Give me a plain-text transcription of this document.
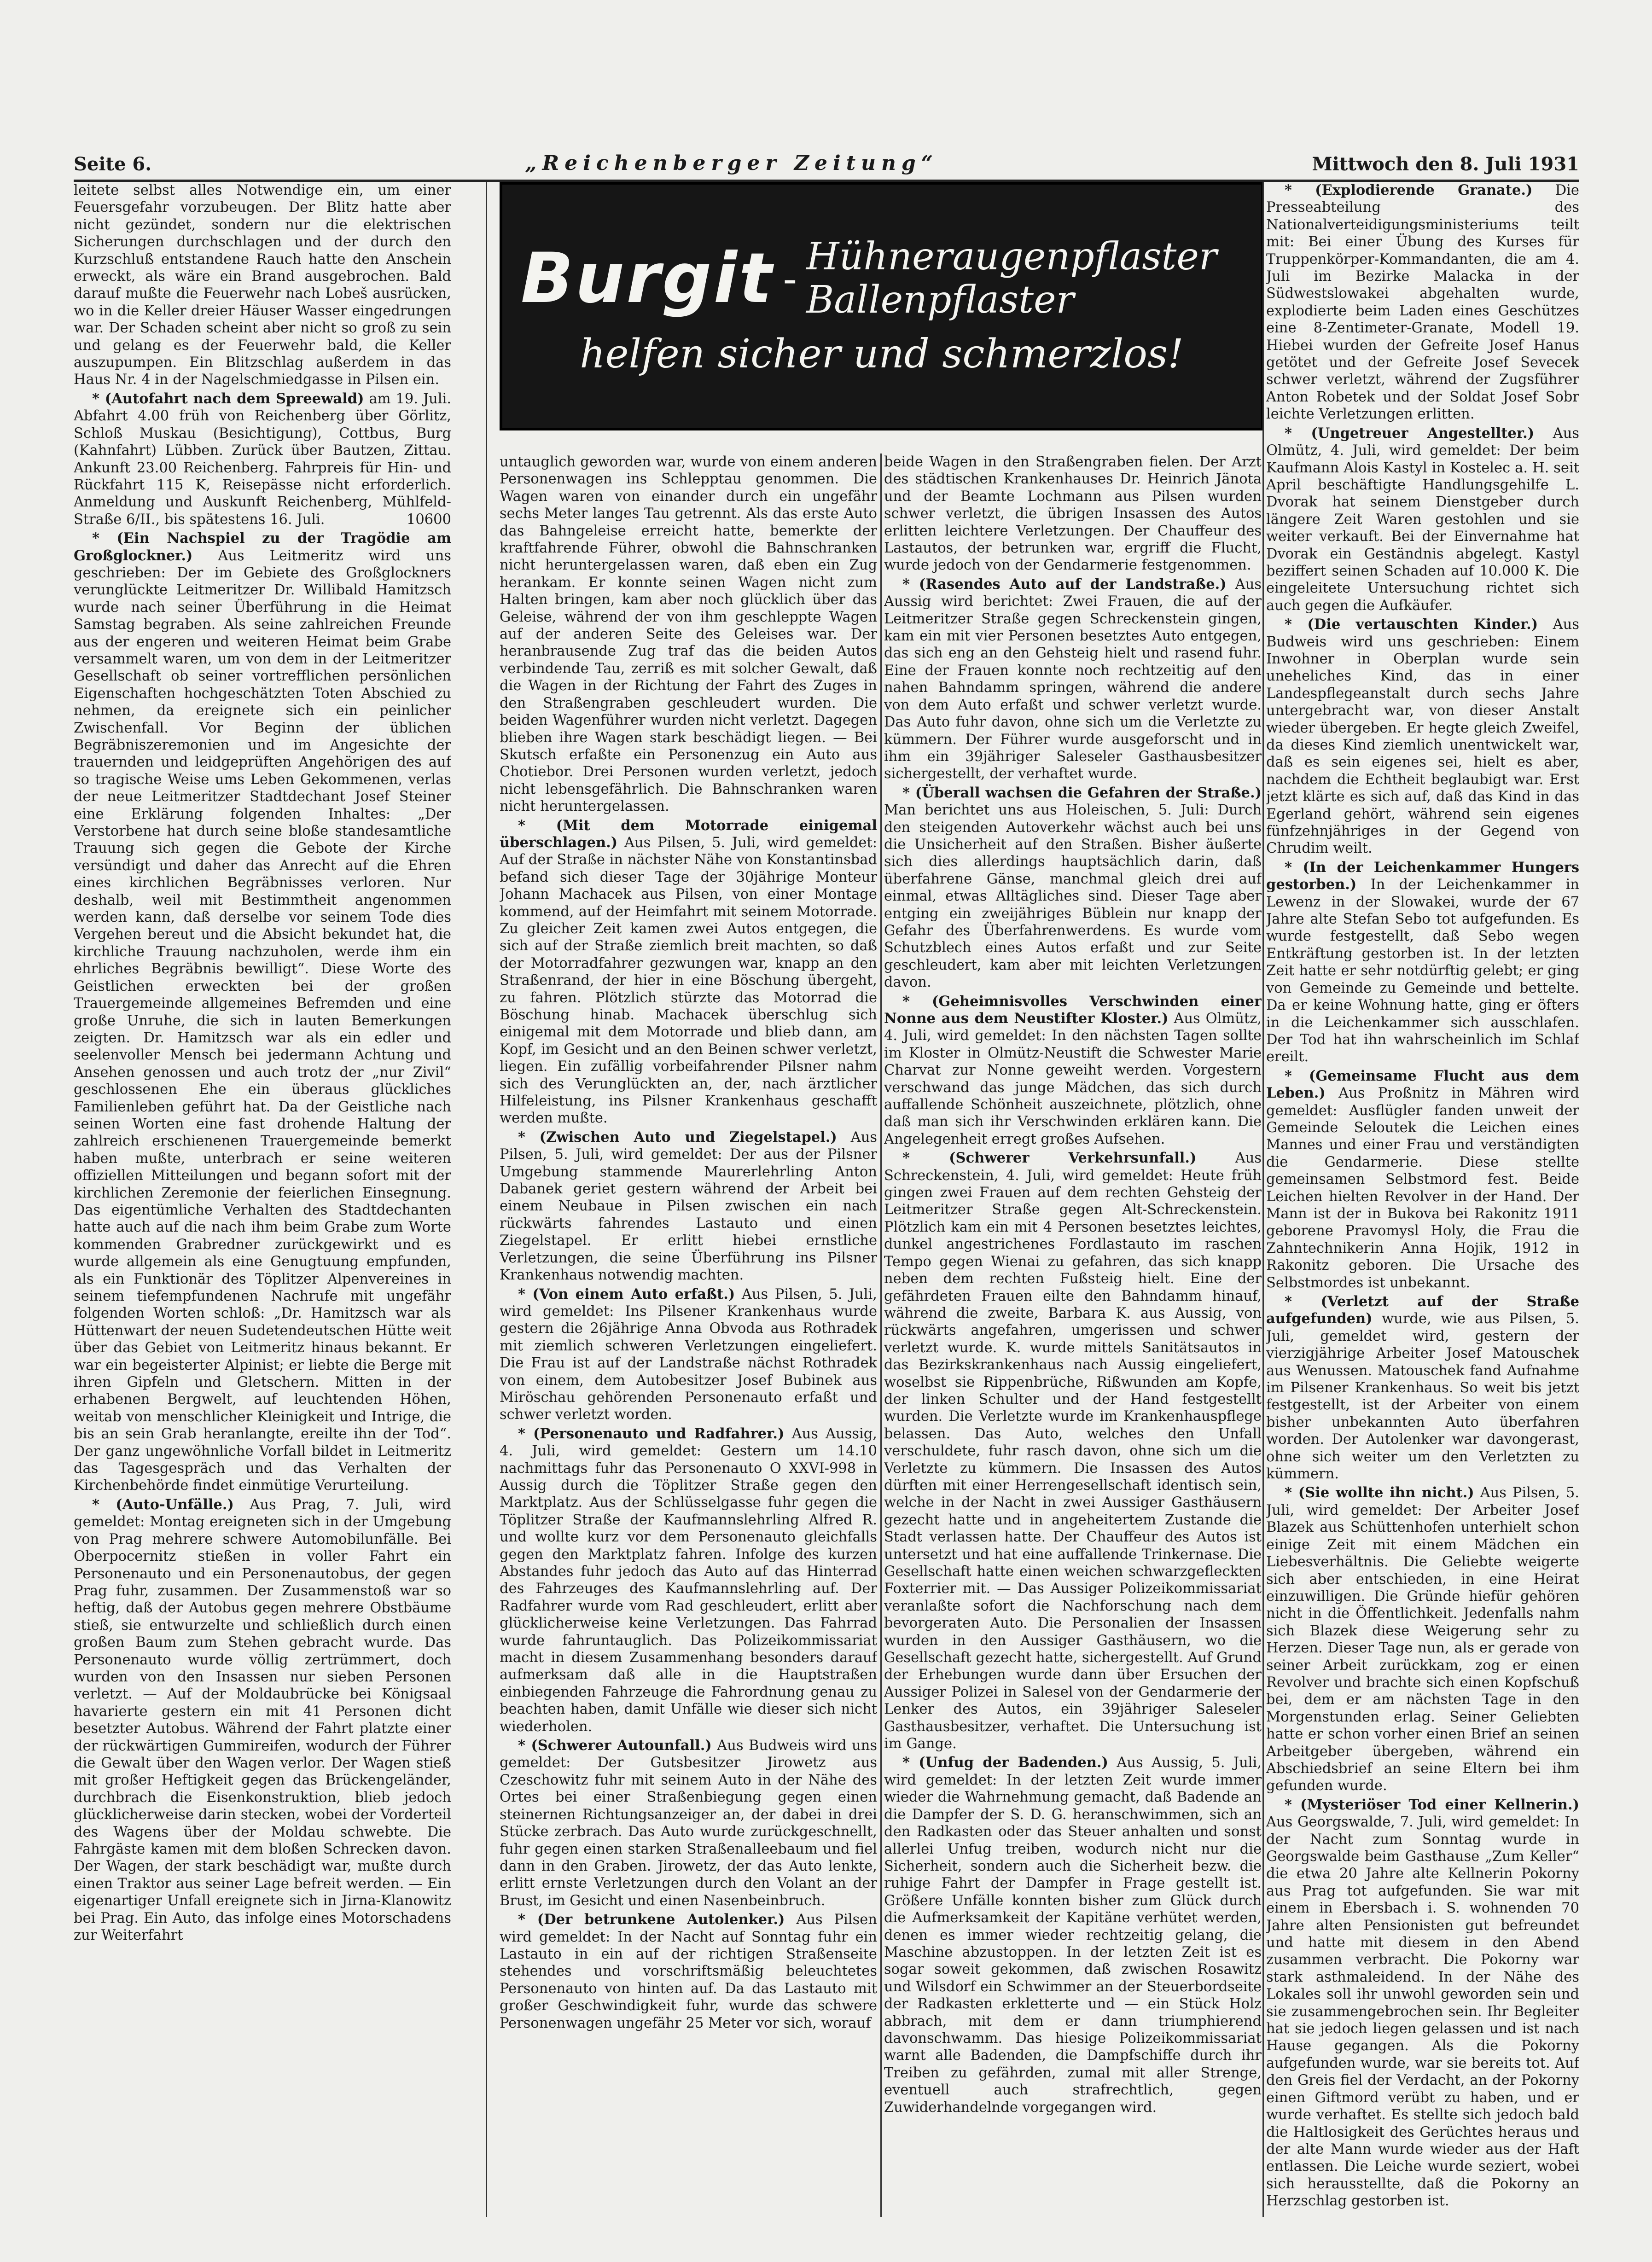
Seite 6.	„Reichenberger Zeitung“	Mittwoch den 8. Juli 1931
Burgit - Hühneraugenpflaster
Ballenpflaster
helfen sicher und schmerzlos!

leitete selbst alles Notwendige ein, um einer Feuersgefahr vorzubeugen. Der Blitz hatte aber nicht gezündet, sondern nur die elektrischen Sicherungen durchschlagen und der durch den Kurzschluß entstandene Rauch hatte den Anschein erweckt, als wäre ein Brand ausgebrochen. Bald darauf mußte die Feuerwehr nach Lobeš ausrücken, wo in die Keller dreier Häuser Wasser eingedrungen war. Der Schaden scheint aber nicht so groß zu sein und gelang es der Feuerwehr bald, die Keller auszupumpen. Ein Blitzschlag außerdem in das Haus Nr. 4 in der Nagelschmiedgasse in Pilsen ein.

* (Autofahrt nach dem Spreewald) am 19. Juli. Abfahrt 4.00 früh von Reichenberg über Görlitz, Schloß Muskau (Besichtigung), Cottbus, Burg (Kahnfahrt) Lübben. Zurück über Bautzen, Zittau. Ankunft 23.00 Reichenberg. Fahrpreis für Hin- und Rückfahrt 115 K, Reisepässe nicht erforderlich. Anmeldung und Auskunft Reichenberg, Mühlfeld-Straße 6/II., bis spätestens 16. Juli.	10600

* (Ein Nachspiel zu der Tragödie am Großglockner.) Aus Leitmeritz wird uns geschrieben: Der im Gebiete des Großglockners verunglückte Leitmeritzer Dr. Willibald Hamitzsch wurde nach seiner Überführung in die Heimat Samstag begraben. Als seine zahlreichen Freunde aus der engeren und weiteren Heimat beim Grabe versammelt waren, um von dem in der Leitmeritzer Gesellschaft ob seiner vortrefflichen persönlichen Eigenschaften hochgeschätzten Toten Abschied zu nehmen, da ereignete sich ein peinlicher Zwischenfall. Vor Beginn der üblichen Begräbniszeremonien und im Angesichte der trauernden und leidgeprüften Angehörigen des auf so tragische Weise ums Leben Gekommenen, verlas der neue Leitmeritzer Stadtdechant Josef Steiner eine Erklärung folgenden Inhaltes: „Der Verstorbene hat durch seine bloße standesamtliche Trauung sich gegen die Gebote der Kirche versündigt und daher das Anrecht auf die Ehren eines kirchlichen Begräbnisses verloren. Nur deshalb, weil mit Bestimmtheit angenommen werden kann, daß derselbe vor seinem Tode dies Vergehen bereut und die Absicht bekundet hat, die kirchliche Trauung nachzuholen, werde ihm ein ehrliches Begräbnis bewilligt“. Diese Worte des Geistlichen erweckten bei der großen Trauergemeinde allgemeines Befremden und eine große Unruhe, die sich in lauten Bemerkungen zeigten. Dr. Hamitzsch war als ein edler und seelenvoller Mensch bei jedermann Achtung und Ansehen genossen und auch trotz der „nur Zivil“ geschlossenen Ehe ein überaus glückliches Familienleben geführt hat. Da der Geistliche nach seinen Worten eine fast drohende Haltung der zahlreich erschienenen Trauergemeinde bemerkt haben mußte, unterbrach er seine weiteren offiziellen Mitteilungen und begann sofort mit der kirchlichen Zeremonie der feierlichen Einsegnung. Das eigentümliche Verhalten des Stadtdechanten hatte auch auf die nach ihm beim Grabe zum Worte kommenden Grabredner zurückgewirkt und es wurde allgemein als eine Genugtuung empfunden, als ein Funktionär des Töplitzer Alpenvereines in seinem tiefempfundenen Nachrufe mit ungefähr folgenden Worten schloß: „Dr. Hamitzsch war als Hüttenwart der neuen Sudetendeutschen Hütte weit über das Gebiet von Leitmeritz hinaus bekannt. Er war ein begeisterter Alpinist; er liebte die Berge mit ihren Gipfeln und Gletschern. Mitten in der erhabenen Bergwelt, auf leuchtenden Höhen, weitab von menschlicher Kleinigkeit und Intrige, die bis an sein Grab heranlangte, ereilte ihn der Tod“. Der ganz ungewöhnliche Vorfall bildet in Leitmeritz das Tagesgespräch und das Verhalten der Kirchenbehörde findet einmütige Verurteilung.

* (Auto-Unfälle.) Aus Prag, 7. Juli, wird gemeldet: Montag ereigneten sich in der Umgebung von Prag mehrere schwere Automobilunfälle. Bei Oberpocernitz stießen in voller Fahrt ein Personenauto und ein Personenautobus, der gegen Prag fuhr, zusammen. Der Zusammenstoß war so heftig, daß der Autobus gegen mehrere Obstbäume stieß, sie entwurzelte und schließlich durch einen großen Baum zum Stehen gebracht wurde. Das Personenauto wurde völlig zertrümmert, doch wurden von den Insassen nur sieben Personen verletzt. — Auf der Moldaubrücke bei Königsaal havarierte gestern ein mit 41 Personen dicht besetzter Autobus. Während der Fahrt platzte einer der rückwärtigen Gummireifen, wodurch der Führer die Gewalt über den Wagen verlor. Der Wagen stieß mit großer Heftigkeit gegen das Brückengeländer, durchbrach die Eisenkonstruktion, blieb jedoch glücklicherweise darin stecken, wobei der Vorderteil des Wagens über der Moldau schwebte. Die Fahrgäste kamen mit dem bloßen Schrecken davon. Der Wagen, der stark beschädigt war, mußte durch einen Traktor aus seiner Lage befreit werden. — Ein eigenartiger Unfall ereignete sich in Jirna-Klanowitz bei Prag. Ein Auto, das infolge eines Motorschadens zur Weiterfahrt

untauglich geworden war, wurde von einem anderen Personenwagen ins Schlepptau genommen. Die Wagen waren von einander durch ein ungefähr sechs Meter langes Tau getrennt. Als das erste Auto das Bahngeleise erreicht hatte, bemerkte der kraftfahrende Führer, obwohl die Bahnschranken nicht heruntergelassen waren, daß eben ein Zug herankam. Er konnte seinen Wagen nicht zum Halten bringen, kam aber noch glücklich über das Geleise, während der von ihm geschleppte Wagen auf der anderen Seite des Geleises war. Der heranbrausende Zug traf das die beiden Autos verbindende Tau, zerriß es mit solcher Gewalt, daß die Wagen in der Richtung der Fahrt des Zuges in den Straßengraben geschleudert wurden. Die beiden Wagenführer wurden nicht verletzt. Dagegen blieben ihre Wagen stark beschädigt liegen. — Bei Skutsch erfaßte ein Personenzug ein Auto aus Chotiebor. Drei Personen wurden verletzt, jedoch nicht lebensgefährlich. Die Bahnschranken waren nicht heruntergelassen.

* (Mit dem Motorrade einigemal überschlagen.) Aus Pilsen, 5. Juli, wird gemeldet: Auf der Straße in nächster Nähe von Konstantinsbad befand sich dieser Tage der 30jährige Monteur Johann Machacek aus Pilsen, von einer Montage kommend, auf der Heimfahrt mit seinem Motorrade. Zu gleicher Zeit kamen zwei Autos entgegen, die sich auf der Straße ziemlich breit machten, so daß der Motorradfahrer gezwungen war, knapp an den Straßenrand, der hier in eine Böschung übergeht, zu fahren. Plötzlich stürzte das Motorrad die Böschung hinab. Machacek überschlug sich einigemal mit dem Motorrade und blieb dann, am Kopf, im Gesicht und an den Beinen schwer verletzt, liegen. Ein zufällig vorbeifahrender Pilsner nahm sich des Verunglückten an, der, nach ärztlicher Hilfeleistung, ins Pilsner Krankenhaus geschafft werden mußte.

* (Zwischen Auto und Ziegelstapel.) Aus Pilsen, 5. Juli, wird gemeldet: Der aus der Pilsner Umgebung stammende Maurerlehrling Anton Dabanek geriet gestern während der Arbeit bei einem Neubaue in Pilsen zwischen ein nach rückwärts fahrendes Lastauto und einen Ziegelstapel. Er erlitt hiebei ernstliche Verletzungen, die seine Überführung ins Pilsner Krankenhaus notwendig machten.

* (Von einem Auto erfaßt.) Aus Pilsen, 5. Juli, wird gemeldet: Ins Pilsener Krankenhaus wurde gestern die 26jährige Anna Obvoda aus Rothradek mit ziemlich schweren Verletzungen eingeliefert. Die Frau ist auf der Landstraße nächst Rothradek von einem, dem Autobesitzer Josef Bubinek aus Miröschau gehörenden Personenauto erfaßt und schwer verletzt worden.

* (Personenauto und Radfahrer.) Aus Aussig, 4. Juli, wird gemeldet: Gestern um 14.10 nachmittags fuhr das Personenauto O XXVI-998 in Aussig durch die Töplitzer Straße gegen den Marktplatz. Aus der Schlüsselgasse fuhr gegen die Töplitzer Straße der Kaufmannslehrling Alfred R. und wollte kurz vor dem Personenauto gleichfalls gegen den Marktplatz fahren. Infolge des kurzen Abstandes fuhr jedoch das Auto auf das Hinterrad des Fahrzeuges des Kaufmannslehrling auf. Der Radfahrer wurde vom Rad geschleudert, erlitt aber glücklicherweise keine Verletzungen. Das Fahrrad wurde fahruntauglich. Das Polizeikommissariat macht in diesem Zusammenhang besonders darauf aufmerksam daß alle in die Hauptstraßen einbiegenden Fahrzeuge die Fahrordnung genau zu beachten haben, damit Unfälle wie dieser sich nicht wiederholen.

* (Schwerer Autounfall.) Aus Budweis wird uns gemeldet: Der Gutsbesitzer Jirowetz aus Czeschowitz fuhr mit seinem Auto in der Nähe des Ortes bei einer Straßenbiegung gegen einen steinernen Richtungsanzeiger an, der dabei in drei Stücke zerbrach. Das Auto wurde zurückgeschnellt, fuhr gegen einen starken Straßenalleebaum und fiel dann in den Graben. Jirowetz, der das Auto lenkte, erlitt ernste Verletzungen durch den Volant an der Brust, im Gesicht und einen Nasenbeinbruch.

* (Der betrunkene Autolenker.) Aus Pilsen wird gemeldet: In der Nacht auf Sonntag fuhr ein Lastauto in ein auf der richtigen Straßenseite stehendes und vorschriftsmäßig beleuchtetes Personenauto von hinten auf. Da das Lastauto mit großer Geschwindigkeit fuhr, wurde das schwere Personenwagen ungefähr 25 Meter vor sich, worauf

beide Wagen in den Straßengraben fielen. Der Arzt des städtischen Krankenhauses Dr. Heinrich Jänota und der Beamte Lochmann aus Pilsen wurden schwer verletzt, die übrigen Insassen des Autos erlitten leichtere Verletzungen. Der Chauffeur des Lastautos, der betrunken war, ergriff die Flucht, wurde jedoch von der Gendarmerie festgenommen.

* (Rasendes Auto auf der Landstraße.) Aus Aussig wird berichtet: Zwei Frauen, die auf der Leitmeritzer Straße gegen Schreckenstein gingen, kam ein mit vier Personen besetztes Auto entgegen, das sich eng an den Gehsteig hielt und rasend fuhr. Eine der Frauen konnte noch rechtzeitig auf den nahen Bahndamm springen, während die andere von dem Auto erfaßt und schwer verletzt wurde. Das Auto fuhr davon, ohne sich um die Verletzte zu kümmern. Der Führer wurde ausgeforscht und in ihm ein 39jähriger Saleseler Gasthausbesitzer sichergestellt, der verhaftet wurde.

* (Überall wachsen die Gefahren der Straße.) Man berichtet uns aus Holeischen, 5. Juli: Durch den steigenden Autoverkehr wächst auch bei uns die Unsicherheit auf den Straßen. Bisher äußerte sich dies allerdings hauptsächlich darin, daß überfahrene Gänse, manchmal gleich drei auf einmal, etwas Alltägliches sind. Dieser Tage aber entging ein zweijähriges Büblein nur knapp der Gefahr des Überfahrenwerdens. Es wurde vom Schutzblech eines Autos erfaßt und zur Seite geschleudert, kam aber mit leichten Verletzungen davon.

* (Geheimnisvolles Verschwinden einer Nonne aus dem Neustifter Kloster.) Aus Olmütz, 4. Juli, wird gemeldet: In den nächsten Tagen sollte im Kloster in Olmütz-Neustift die Schwester Marie Charvat zur Nonne geweiht werden. Vorgestern verschwand das junge Mädchen, das sich durch auffallende Schönheit auszeichnete, plötzlich, ohne daß man sich ihr Verschwinden erklären kann. Die Angelegenheit erregt großes Aufsehen.

* (Schwerer Verkehrsunfall.)	Aus Schreckenstein, 4. Juli, wird gemeldet: Heute früh gingen zwei Frauen auf dem rechten Gehsteig der Leitmeritzer Straße gegen Alt-Schreckenstein. Plötzlich kam ein mit 4 Personen besetztes leichtes, dunkel angestrichenes Fordlastauto im raschen Tempo gegen Wienai zu gefahren, das sich knapp neben dem rechten Fußsteig hielt. Eine der gefährdeten Frauen eilte den Bahndamm hinauf, während die zweite, Barbara K. aus Aussig, von rückwärts angefahren, umgerissen und schwer verletzt wurde. K. wurde mittels Sanitätsautos in das Bezirkskrankenhaus nach Aussig eingeliefert, woselbst sie Rippenbrüche, Rißwunden am Kopfe, der linken Schulter und der Hand festgestellt wurden. Die Verletzte wurde im Krankenhauspflege belassen. Das Auto, welches den Unfall verschuldete, fuhr rasch davon, ohne sich um die Verletzte zu kümmern. Die Insassen des Autos dürften mit einer Herrengesellschaft identisch sein, welche in der Nacht in zwei Aussiger Gasthäusern gezecht hatte und in angeheitertem Zustande die Stadt verlassen hatte. Der Chauffeur des Autos ist untersetzt und hat eine auffallende Trinkernase. Die Gesellschaft hatte einen weichen schwarzgefleckten Foxterrier mit. — Das Aussiger Polizeikommissariat veranlaßte sofort die Nachforschung nach dem bevorgeraten Auto. Die Personalien der Insassen wurden in den Aussiger Gasthäusern, wo die Gesellschaft gezecht hatte, sichergestellt. Auf Grund der Erhebungen wurde dann über Ersuchen der Aussiger Polizei in Salesel von der Gendarmerie der Lenker des Autos, ein 39jähriger Saleseler Gasthausbesitzer, verhaftet. Die Untersuchung ist im Gange.

* (Unfug der Badenden.) Aus Aussig, 5. Juli, wird gemeldet: In der letzten Zeit wurde immer wieder die Wahrnehmung gemacht, daß Badende an die Dampfer der S. D. G. heranschwimmen, sich an den Radkasten oder das Steuer anhalten und sonst allerlei Unfug treiben, wodurch nicht nur die Sicherheit, sondern auch die Sicherheit bezw. die ruhige Fahrt der Dampfer in Frage gestellt ist. Größere Unfälle konnten bisher zum Glück durch die Aufmerksamkeit der Kapitäne verhütet werden, denen es immer wieder rechtzeitig gelang, die Maschine abzustoppen. In der letzten Zeit ist es sogar soweit gekommen, daß zwischen Rosawitz und Wilsdorf ein Schwimmer an der Steuerbordseite der Radkasten erkletterte und — ein Stück Holz abbrach, mit dem er dann triumphierend davonschwamm. Das hiesige Polizeikommissariat warnt alle Badenden, die Dampfschiffe durch ihr Treiben zu gefährden, zumal mit aller Strenge, eventuell auch strafrechtlich, gegen Zuwiderhandelnde vorgegangen wird.

* (Explodierende Granate.) Die Presseabteilung des Nationalverteidigungsministeriums teilt mit: Bei einer Übung des Kurses für Truppenkörper-Kommandanten, die am 4. Juli im Bezirke Malacka in der Südwestslowakei abgehalten wurde, explodierte beim Laden eines Geschützes eine 8-Zentimeter-Granate, Modell 19. Hiebei wurden der Gefreite Josef Hanus getötet und der Gefreite Josef Sevecek schwer verletzt, während der Zugsführer Anton Robetek und der Soldat Josef Sobr leichte Verletzungen erlitten.

* (Ungetreuer Angestellter.) Aus Olmütz, 4. Juli, wird gemeldet: Der beim Kaufmann Alois Kastyl in Kostelec a. H. seit April beschäftigte Handlungsgehilfe L. Dvorak hat seinem Dienstgeber durch längere Zeit Waren gestohlen und sie weiter verkauft. Bei der Einvernahme hat Dvorak ein Geständnis abgelegt. Kastyl beziffert seinen Schaden auf 10.000 K. Die eingeleitete Untersuchung richtet sich auch gegen die Aufkäufer.

* (Die vertauschten Kinder.) Aus Budweis wird uns geschrieben: Einem Inwohner in Oberplan wurde sein uneheliches Kind, das in einer Landespflegeanstalt durch sechs Jahre untergebracht war, von dieser Anstalt wieder übergeben. Er hegte gleich Zweifel, da dieses Kind ziemlich unentwickelt war, daß es sein eigenes sei, hielt es aber, nachdem die Echtheit beglaubigt war. Erst jetzt klärte es sich auf, daß das Kind in das Egerland gehört, während sein eigenes fünfzehnjähriges in der Gegend von Chrudim weilt.

* (In der Leichenkammer Hungers gestorben.) In der Leichenkammer in Lewenz in der Slowakei, wurde der 67 Jahre alte Stefan Sebo tot aufgefunden. Es wurde festgestellt, daß Sebo wegen Entkräftung gestorben ist. In der letzten Zeit hatte er sehr notdürftig gelebt; er ging von Gemeinde zu Gemeinde und bettelte. Da er keine Wohnung hatte, ging er öfters in die Leichenkammer sich ausschlafen. Der Tod hat ihn wahrscheinlich im Schlaf ereilt.

* (Gemeinsame Flucht aus dem Leben.) Aus Proßnitz in Mähren wird gemeldet: Ausflügler fanden unweit der Gemeinde Seloutek die Leichen eines Mannes und einer Frau und verständigten die Gendarmerie. Diese stellte gemeinsamen Selbstmord fest. Beide Leichen hielten Revolver in der Hand. Der Mann ist der in Bukova bei Rakonitz 1911 geborene Pravomysl Holy, die Frau die Zahntechnikerin Anna Hojik, 1912 in Rakonitz geboren. Die Ursache des Selbstmordes ist unbekannt.

* (Verletzt auf der Straße aufgefunden) wurde, wie aus Pilsen, 5. Juli, gemeldet wird, gestern der vierzigjährige Arbeiter Josef Matouschek aus Wenussen. Matouschek fand Aufnahme im Pilsener Krankenhaus. So weit bis jetzt festgestellt, ist der Arbeiter von einem bisher unbekannten Auto überfahren worden. Der Autolenker war davongerast, ohne sich weiter um den Verletzten zu kümmern.

* (Sie wollte ihn nicht.) Aus Pilsen, 5. Juli, wird gemeldet: Der Arbeiter Josef Blazek aus Schüttenhofen unterhielt schon einige Zeit mit einem Mädchen ein Liebesverhältnis. Die Geliebte weigerte sich aber entschieden, in eine Heirat einzuwilligen. Die Gründe hiefür gehören nicht in die Öffentlichkeit. Jedenfalls nahm sich Blazek diese Weigerung sehr zu Herzen. Dieser Tage nun, als er gerade von seiner Arbeit zurückkam, zog er einen Revolver und brachte sich einen Kopfschuß bei, dem er am nächsten Tage in den Morgenstunden erlag. Seiner Geliebten hatte er schon vorher einen Brief an seinen Arbeitgeber übergeben, während ein Abschiedsbrief an seine Eltern bei ihm gefunden wurde.

* (Mysteriöser Tod einer Kellnerin.) Aus Georgswalde, 7. Juli, wird gemeldet: In der Nacht zum Sonntag wurde in Georgswalde beim Gasthause „Zum Keller“ die etwa 20 Jahre alte Kellnerin Pokorny aus Prag tot aufgefunden. Sie war mit einem in Ebersbach i. S. wohnenden 70 Jahre alten Pensionisten gut befreundet und hatte mit diesem in den Abend zusammen verbracht. Die Pokorny war stark asthmaleidend. In der Nähe des Lokales soll ihr unwohl geworden sein und sie zusammengebrochen sein. Ihr Begleiter hat sie jedoch liegen gelassen und ist nach Hause gegangen. Als die Pokorny aufgefunden wurde, war sie bereits tot. Auf den Greis fiel der Verdacht, an der Pokorny einen Giftmord verübt zu haben, und er wurde verhaftet. Es stellte sich jedoch bald die Haltlosigkeit des Gerüchtes heraus und der alte Mann wurde wieder aus der Haft entlassen. Die Leiche wurde seziert, wobei sich herausstellte, daß die Pokorny an Herzschlag gestorben ist.
